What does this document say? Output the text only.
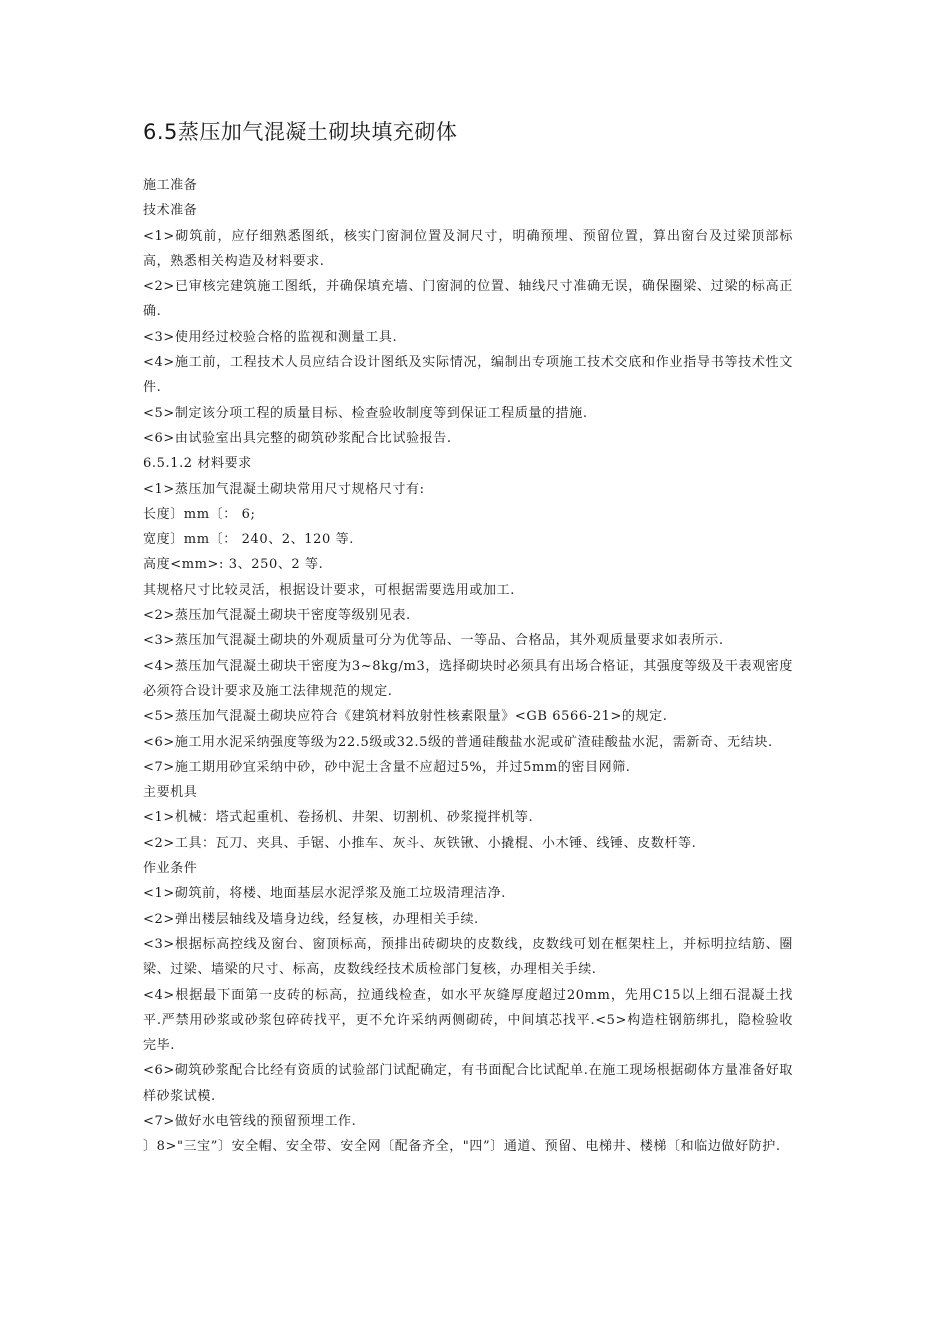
6.5蒸压加气混凝土砌块填充砌体

施工准备

技术准备

<1>砌筑前，应仔细熟悉图纸，核实门窗洞位置及洞尺寸，明确预埋、预留位置，算出窗台及过梁顶部标高，熟悉相关构造及材料要求.

<2>已审核完建筑施工图纸，并确保填充墙、门窗洞的位置、轴线尺寸准确无误，确保圈梁、过梁的标高正确.

<3>使用经过校验合格的监视和测量工具.

<4>施工前，工程技术人员应结合设计图纸及实际情况，编制出专项施工技术交底和作业指导书等技术性文件.

<5>制定该分项工程的质量目标、检查验收制度等到保证工程质量的措施.

<6>由试验室出具完整的砌筑砂浆配合比试验报告.

6.5.1.2 材料要求

<1>蒸压加气混凝土砌块常用尺寸规格尺寸有:

长度〕mm〔： 6;

宽度〕mm〔： 240、2、120 等.

高度<mm>: 3、250、2 等.

其规格尺寸比较灵活，根据设计要求，可根据需要选用或加工.

<2>蒸压加气混凝土砌块干密度等级别见表.

<3>蒸压加气混凝土砌块的外观质量可分为优等品、一等品、合格品，其外观质量要求如表所示.

<4>蒸压加气混凝土砌块干密度为3~8kg/m3，选择砌块时必须具有出场合格证，其强度等级及干表观密度必须符合设计要求及施工法律规范的规定.

<5>蒸压加气混凝土砌块应符合《建筑材料放射性核素限量》<GB 6566-21>的规定.

<6>施工用水泥采纳强度等级为22.5级或32.5级的普通硅酸盐水泥或矿渣硅酸盐水泥，需新奇、无结块.

<7>施工期用砂宜采纳中砂，砂中泥土含量不应超过5%，并过5mm的密目网筛.

主要机具

<1>机械：塔式起重机、卷扬机、井架、切割机、砂浆搅拌机等.

<2>工具：瓦刀、夹具、手锯、小推车、灰斗、灰铁锹、小撬棍、小木锤、线锤、皮数杆等.

作业条件

<1>砌筑前，将楼、地面基层水泥浮浆及施工垃圾清理洁净.

<2>弹出楼层轴线及墙身边线，经复核，办理相关手续.

<3>根据标高控线及窗台、窗顶标高，预排出砖砌块的皮数线，皮数线可划在框架柱上，并标明拉结筋、圈梁、过梁、墙梁的尺寸、标高，皮数线经技术质检部门复核，办理相关手续.

<4>根据最下面第一皮砖的标高，拉通线检查，如水平灰缝厚度超过20mm，先用C15以上细石混凝土找平.严禁用砂浆或砂浆包碎砖找平，更不允许采纳两侧砌砖，中间填芯找平.<5>构造柱钢筋绑扎，隐检验收完毕.

<6>砌筑砂浆配合比经有资质的试验部门试配确定，有书面配合比试配单.在施工现场根据砌体方量准备好取样砂浆试模.

<7>做好水电管线的预留预埋工作.

〕8>"三宝”〕安全帽、安全带、安全网〔配备齐全，"四”〕通道、预留、电梯井、楼梯〔和临边做好防护.
